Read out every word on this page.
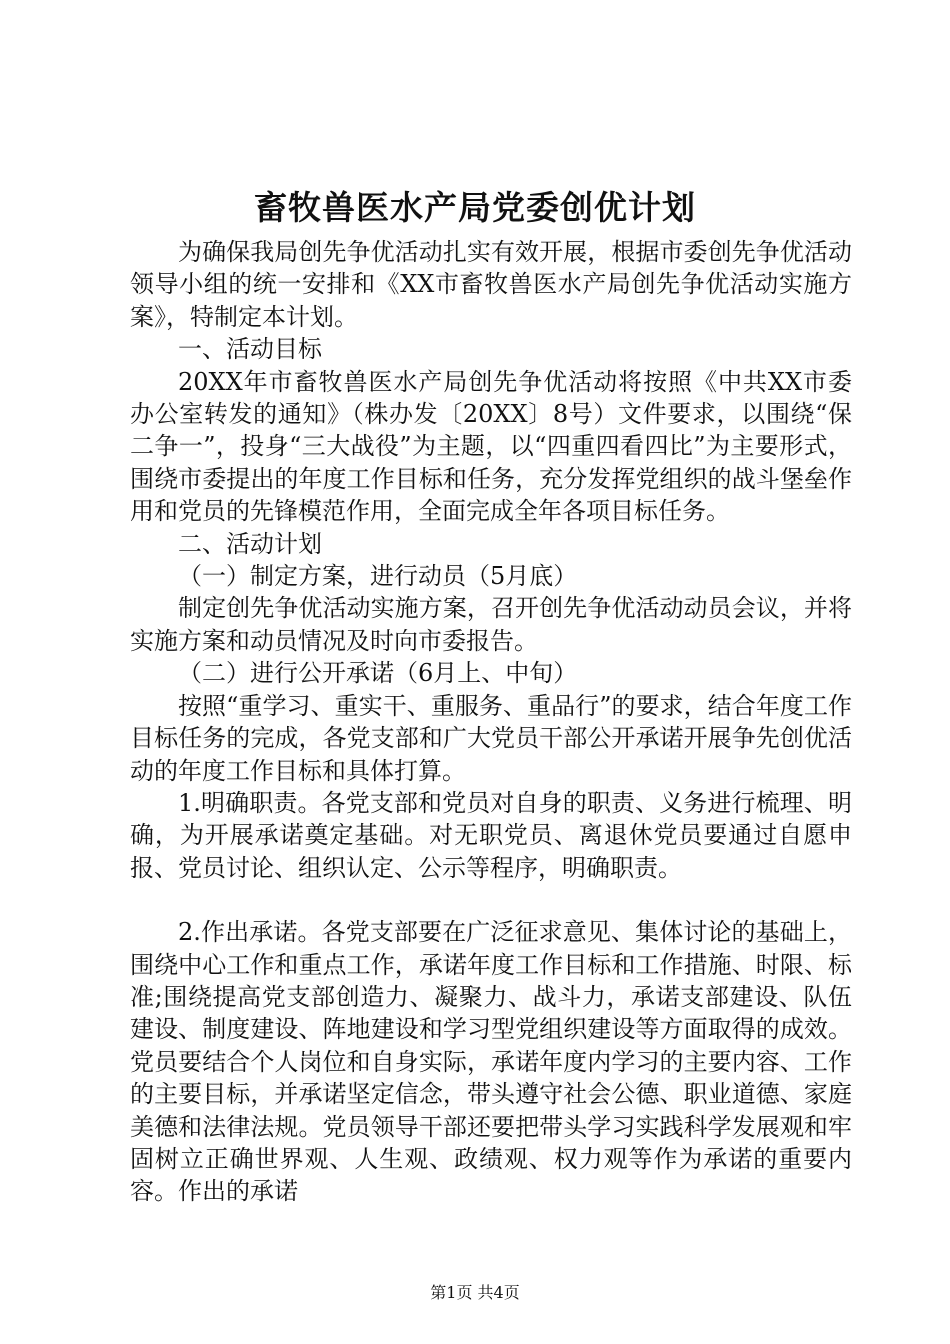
畜牧兽医水产局党委创优计划

为确保我局创先争优活动扎实有效开展，根据市委创先争优活动领导小组的统一安排和《XX市畜牧兽医水产局创先争优活动实施方案》，特制定本计划。

一、活动目标

20XX年市畜牧兽医水产局创先争优活动将按照《中共XX市委办公室转发的通知》（株办发〔20XX〕8号）文件要求，以围绕“保二争一”，投身“三大战役”为主题，以“四重四看四比”为主要形式，围绕市委提出的年度工作目标和任务，充分发挥党组织的战斗堡垒作用和党员的先锋模范作用，全面完成全年各项目标任务。

二、活动计划

（一）制定方案，进行动员（5月底）

制定创先争优活动实施方案，召开创先争优活动动员会议，并将实施方案和动员情况及时向市委报告。

（二）进行公开承诺（6月上、中旬）

按照“重学习、重实干、重服务、重品行”的要求，结合年度工作目标任务的完成，各党支部和广大党员干部公开承诺开展争先创优活动的年度工作目标和具体打算。

1.明确职责。各党支部和党员对自身的职责、义务进行梳理、明确，为开展承诺奠定基础。对无职党员、离退休党员要通过自愿申报、党员讨论、组织认定、公示等程序，明确职责。

2.作出承诺。各党支部要在广泛征求意见、集体讨论的基础上，围绕中心工作和重点工作，承诺年度工作目标和工作措施、时限、标准;围绕提高党支部创造力、凝聚力、战斗力，承诺支部建设、队伍建设、制度建设、阵地建设和学习型党组织建设等方面取得的成效。党员要结合个人岗位和自身实际，承诺年度内学习的主要内容、工作的主要目标，并承诺坚定信念，带头遵守社会公德、职业道德、家庭美德和法律法规。党员领导干部还要把带头学习实践科学发展观和牢固树立正确世界观、人生观、政绩观、权力观等作为承诺的重要内容。作出的承诺

第1页 共4页
